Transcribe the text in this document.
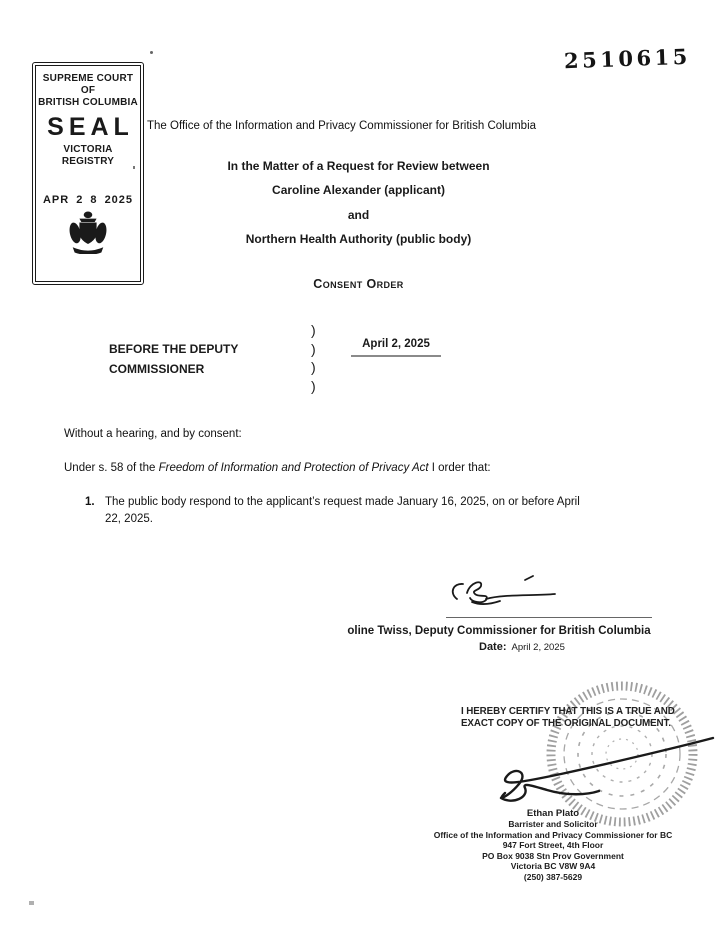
SUPREME COURT
OF
BRITISH COLUMBIA
SEAL
VICTORIA
REGISTRY
APR 2 8 2025
2510615
The Office of the Information and Privacy Commissioner for British Columbia
In the Matter of a Request for Review between
Caroline Alexander (applicant)
and
Northern Health Authority (public body)
Consent Order
BEFORE THE DEPUTY
COMMISSIONER
)
)
)
)
April 2, 2025
Without a hearing, and by consent:
Under s. 58 of the Freedom of Information and Protection of Privacy Act I order that:
1. The public body respond to the applicant’s request made January 16, 2025, on or before April 22, 2025.
oline Twiss, Deputy Commissioner for British Columbia
Date: April 2, 2025
I HEREBY CERTIFY THAT THIS IS A TRUE AND
EXACT COPY OF THE ORIGINAL DOCUMENT.
Ethan Plato
Barrister and Solicitor
Office of the Information and Privacy Commissioner for BC
947 Fort Street, 4th Floor
PO Box 9038 Stn Prov Government
Victoria BC V8W 9A4
(250) 387-5629
